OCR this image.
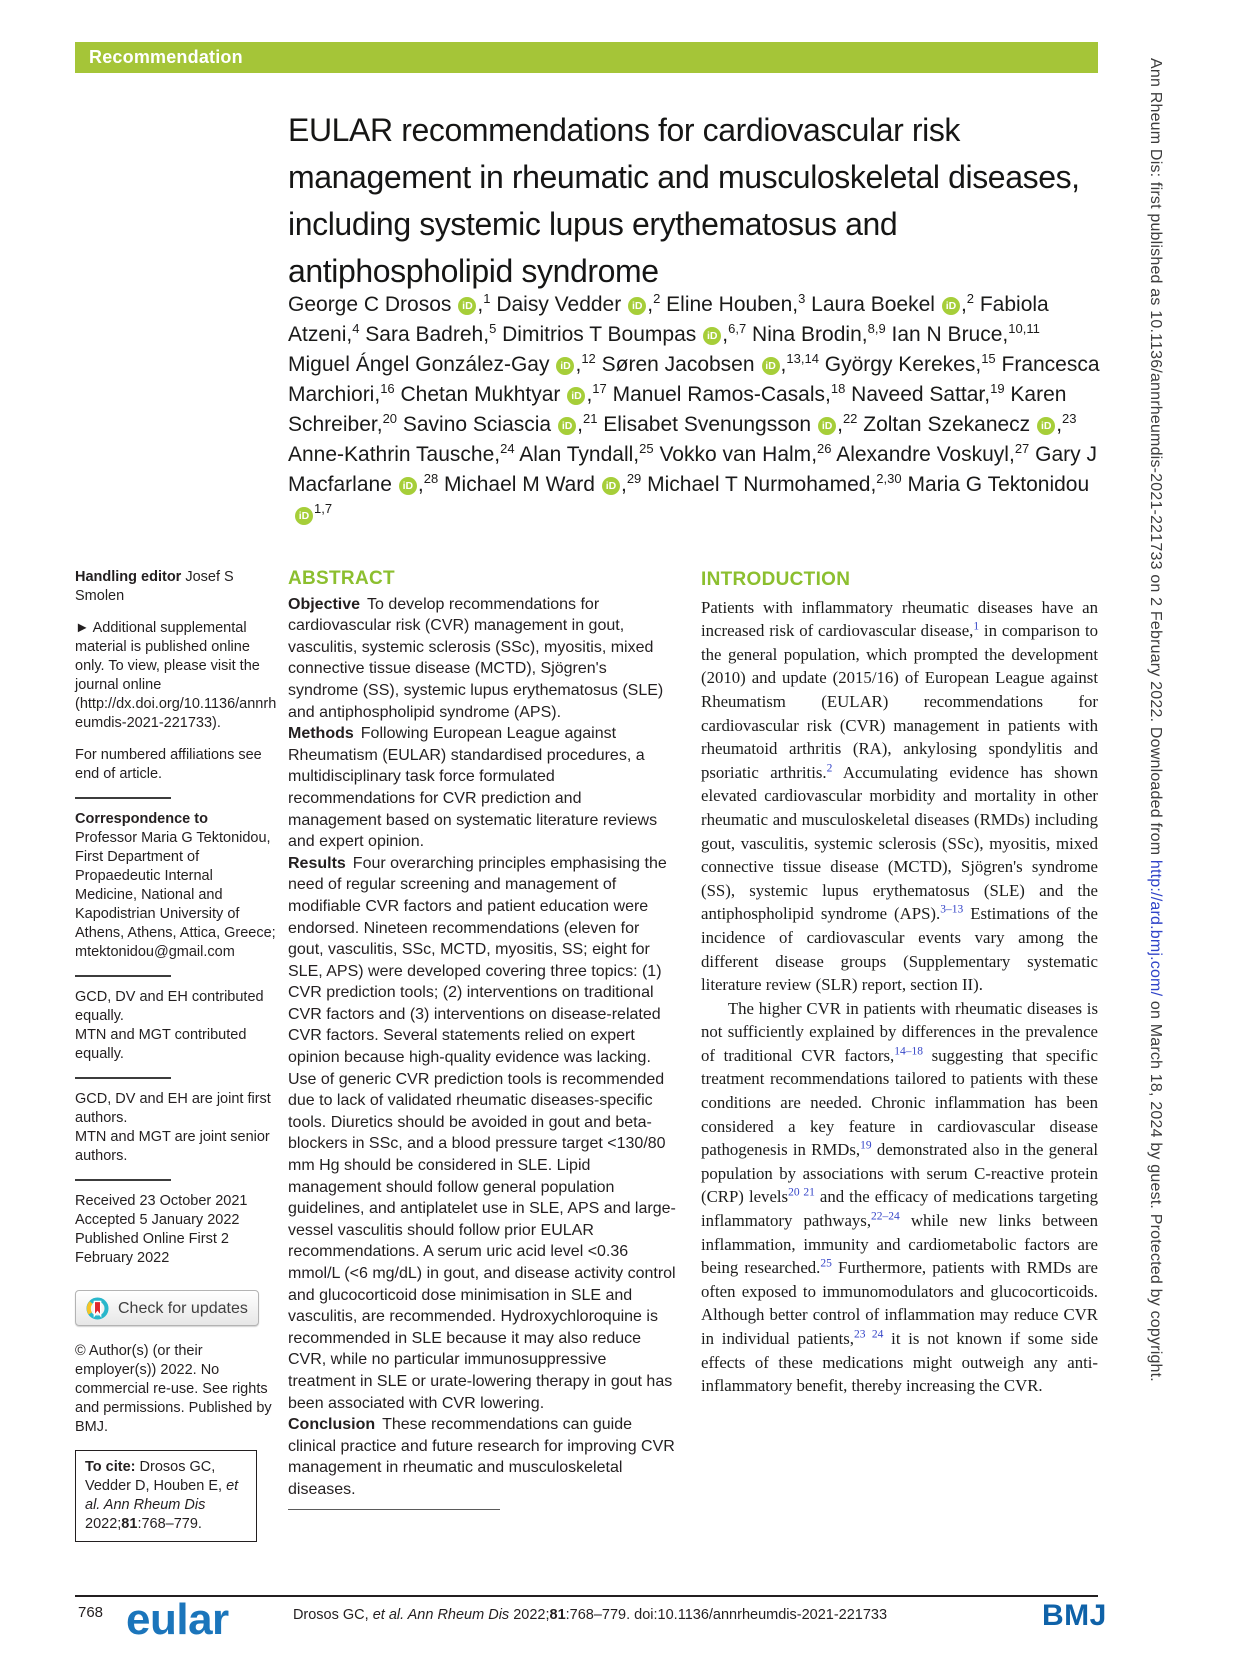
Recommendation
Ann Rheum Dis: first published as 10.1136/annrheumdis-2021-221733 on 2 February 2022. Downloaded from http://ard.bmj.com/ on March 18, 2024 by guest. Protected by copyright.
EULAR recommendations for cardiovascular risk management in rheumatic and musculoskeletal diseases, including systemic lupus erythematosus and antiphospholipid syndrome
George C Drosos iD ,$^1$ Daisy Vedder iD ,$^2$ Eline Houben,$^3$ Laura Boekel iD ,$^2$ Fabiola Atzeni,$^4$ Sara Badreh,$^5$ Dimitrios T Boumpas iD ,$^{6,7}$ Nina Brodin,$^{8,9}$ Ian N Bruce,$^{10,11}$ Miguel Ángel González-Gay iD ,$^{12}$ Søren Jacobsen iD ,$^{13,14}$ György Kerekes,$^{15}$ Francesca Marchiori,$^{16}$ Chetan Mukhtyar iD ,$^{17}$ Manuel Ramos-Casals,$^{18}$ Naveed Sattar,$^{19}$ Karen Schreiber,$^{20}$ Savino Sciascia iD ,$^{21}$ Elisabet Svenungsson iD ,$^{22}$ Zoltan Szekanecz iD ,$^{23}$ Anne-Kathrin Tausche,$^{24}$ Alan Tyndall,$^{25}$ Vokko van Halm,$^{26}$ Alexandre Voskuyl,$^{27}$ Gary J Macfarlane iD ,$^{28}$ Michael M Ward iD ,$^{29}$ Michael T Nurmohamed,$^{2,30}$ Maria G TektonidouiD $^{1,7}$
Handling editor Josef S Smolen
► Additional supplemental material is published online only. To view, please visit the journal online (http://dx.doi.org/10.1136/annrheumdis-2021-221733).
For numbered affiliations see end of article.
Correspondence to
Professor Maria G Tektonidou, First Department of Propaedeutic Internal Medicine, National and Kapodistrian University of Athens, Athens, Attica, Greece; mtektonidou@gmail.com
GCD, DV and EH contributed equally.
MTN and MGT contributed equally.
GCD, DV and EH are joint first authors.
MTN and MGT are joint senior authors.
Received 23 October 2021
Accepted 5 January 2022
Published Online First 2 February 2022
Check for updates
© Author(s) (or their employer(s)) 2022. No commercial re-use. See rights and permissions. Published by BMJ.
To cite: Drosos GC, Vedder D, Houben E, et al. Ann Rheum Dis 2022;81:768–779.
ABSTRACT

Objective To develop recommendations for cardiovascular risk (CVR) management in gout, vasculitis, systemic sclerosis (SSc), myositis, mixed connective tissue disease (MCTD), Sjögren's syndrome (SS), systemic lupus erythematosus (SLE) and antiphospholipid syndrome (APS).

Methods Following European League against Rheumatism (EULAR) standardised procedures, a multidisciplinary task force formulated recommendations for CVR prediction and management based on systematic literature reviews and expert opinion.

Results Four overarching principles emphasising the need of regular screening and management of modifiable CVR factors and patient education were endorsed. Nineteen recommendations (eleven for gout, vasculitis, SSc, MCTD, myositis, SS; eight for SLE, APS) were developed covering three topics: (1) CVR prediction tools; (2) interventions on traditional CVR factors and (3) interventions on disease-related CVR factors. Several statements relied on expert opinion because high-quality evidence was lacking. Use of generic CVR prediction tools is recommended due to lack of validated rheumatic diseases-specific tools. Diuretics should be avoided in gout and beta-blockers in SSc, and a blood pressure target <130/80 mm Hg should be considered in SLE. Lipid management should follow general population guidelines, and antiplatelet use in SLE, APS and large-vessel vasculitis should follow prior EULAR recommendations. A serum uric acid level <0.36 mmol/L (<6 mg/dL) in gout, and disease activity control and glucocorticoid dose minimisation in SLE and vasculitis, are recommended. Hydroxychloroquine is recommended in SLE because it may also reduce CVR, while no particular immunosuppressive treatment in SLE or urate-lowering therapy in gout has been associated with CVR lowering.

Conclusion These recommendations can guide clinical practice and future research for improving CVR management in rheumatic and musculoskeletal diseases.

INTRODUCTION

Patients with inflammatory rheumatic diseases have an increased risk of cardiovascular disease,$^1$ in comparison to the general population, which prompted the development (2010) and update (2015/16) of European League against Rheumatism (EULAR) recommendations for cardiovascular risk (CVR) management in patients with rheumatoid arthritis (RA), ankylosing spondylitis and psoriatic arthritis.$^2$ Accumulating evidence has shown elevated cardiovascular morbidity and mortality in other rheumatic and musculoskeletal diseases (RMDs) including gout, vasculitis, systemic sclerosis (SSc), myositis, mixed connective tissue disease (MCTD), Sjögren's syndrome (SS), systemic lupus erythematosus (SLE) and the antiphospholipid syndrome (APS).$^{3-13}$ Estimations of the incidence of cardiovascular events vary among the different disease groups (Supplementary systematic literature review (SLR) report, section II).

The higher CVR in patients with rheumatic diseases is not sufficiently explained by differences in the prevalence of traditional CVR factors,$^{14-18}$ suggesting that specific treatment recommendations tailored to patients with these conditions are needed. Chronic inflammation has been considered a key feature in cardiovascular disease pathogenesis in RMDs,$^{19}$ demonstrated also in the general population by associations with serum C-reactive protein (CRP) levels$^{20 21}$ and the efficacy of medications targeting inflammatory pathways,$^{22-24}$ while new links between inflammation, immunity and cardiometabolic factors are being researched.$^{25}$ Furthermore, patients with RMDs are often exposed to immunomodulators and glucocorticoids. Although better control of inflammation may reduce CVR in individual patients,$^{23 24}$ it is not known if some side effects of these medications might outweigh any anti-inflammatory benefit, thereby increasing the CVR.

768 eular	Drosos GC, et al. Ann Rheum Dis 2022;81:768–779. doi:10.1136/annrheumdis-2021-221733	BMJ
